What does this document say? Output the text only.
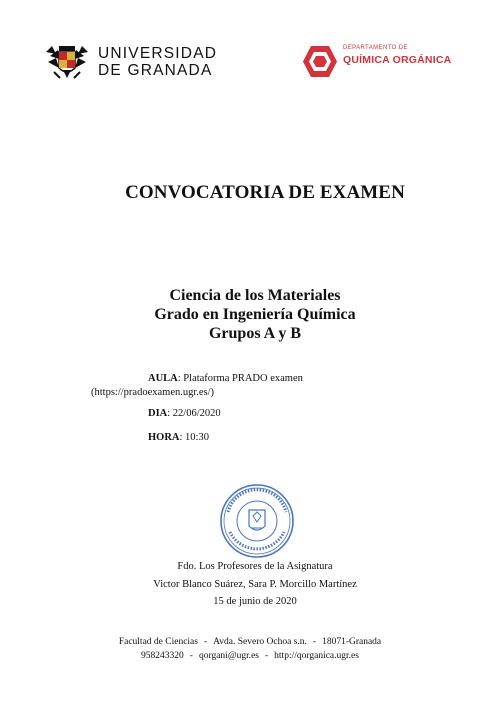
UNIVERSIDAD
DE GRANADA
DEPARTAMENTO DE
QUÍMICA ORGÁNICA
CONVOCATORIA DE EXAMEN
Ciencia de los Materiales
Grado en Ingeniería Química
Grupos A y B
AULA: Plataforma PRADO examen
(https://pradoexamen.ugr.es/)
DIA: 22/06/2020
HORA: 10:30
Fdo. Los Profesores de la Asignatura
Victor Blanco Suárez, Sara P. Morcillo Martínez
15 de junio de 2020
Facultad de Ciencias - Avda. Severo Ochoa s.n. - 18071-Granada
958243320 - qorgani@ugr.es - http://qorganica.ugr.es
